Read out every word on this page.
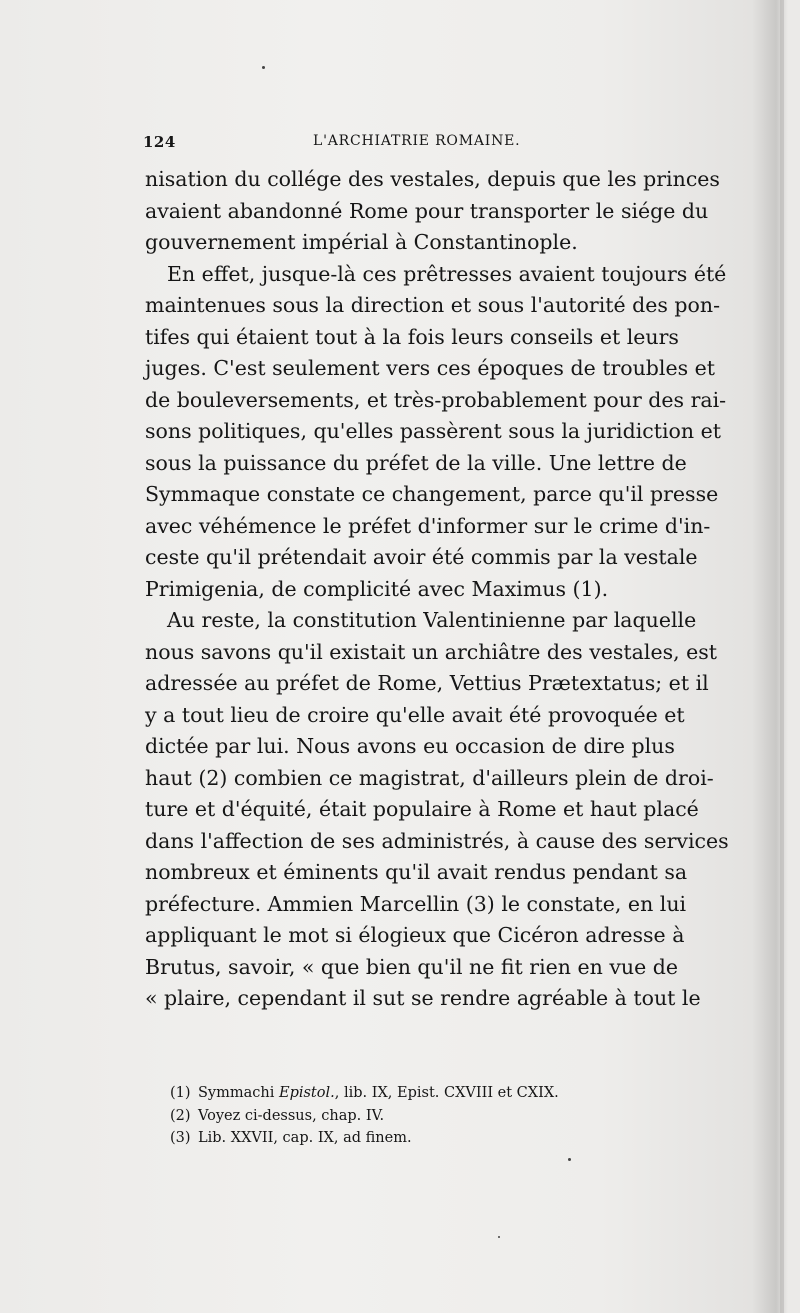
124	L'ARCHIATRIE ROMAINE.
nisation du collége des vestales, depuis que les princes
avaient abandonné Rome pour transporter le siége du
gouvernement impérial à Constantinople.
En effet, jusque-là ces prêtresses avaient toujours été
maintenues sous la direction et sous l'autorité des pon-
tifes qui étaient tout à la fois leurs conseils et leurs
juges. C'est seulement vers ces époques de troubles et
de bouleversements, et très-probablement pour des rai-
sons politiques, qu'elles passèrent sous la juridiction et
sous la puissance du préfet de la ville. Une lettre de
Symmaque constate ce changement, parce qu'il presse
avec véhémence le préfet d'informer sur le crime d'in-
ceste qu'il prétendait avoir été commis par la vestale
Primigenia, de complicité avec Maximus (1).
Au reste, la constitution Valentinienne par laquelle
nous savons qu'il existait un archiâtre des vestales, est
adressée au préfet de Rome, Vettius Prætextatus; et il
y a tout lieu de croire qu'elle avait été provoquée et
dictée par lui. Nous avons eu occasion de dire plus
haut (2) combien ce magistrat, d'ailleurs plein de droi-
ture et d'équité, était populaire à Rome et haut placé
dans l'affection de ses administrés, à cause des services
nombreux et éminents qu'il avait rendus pendant sa
préfecture. Ammien Marcellin (3) le constate, en lui
appliquant le mot si élogieux que Cicéron adresse à
Brutus, savoir, « que bien qu'il ne fit rien en vue de
« plaire, cependant il sut se rendre agréable à tout le
(1) Symmachi Epistol., lib. IX, Epist. CXVIII et CXIX.
(2) Voyez ci-dessus, chap. IV.
(3) Lib. XXVII, cap. IX, ad finem.
